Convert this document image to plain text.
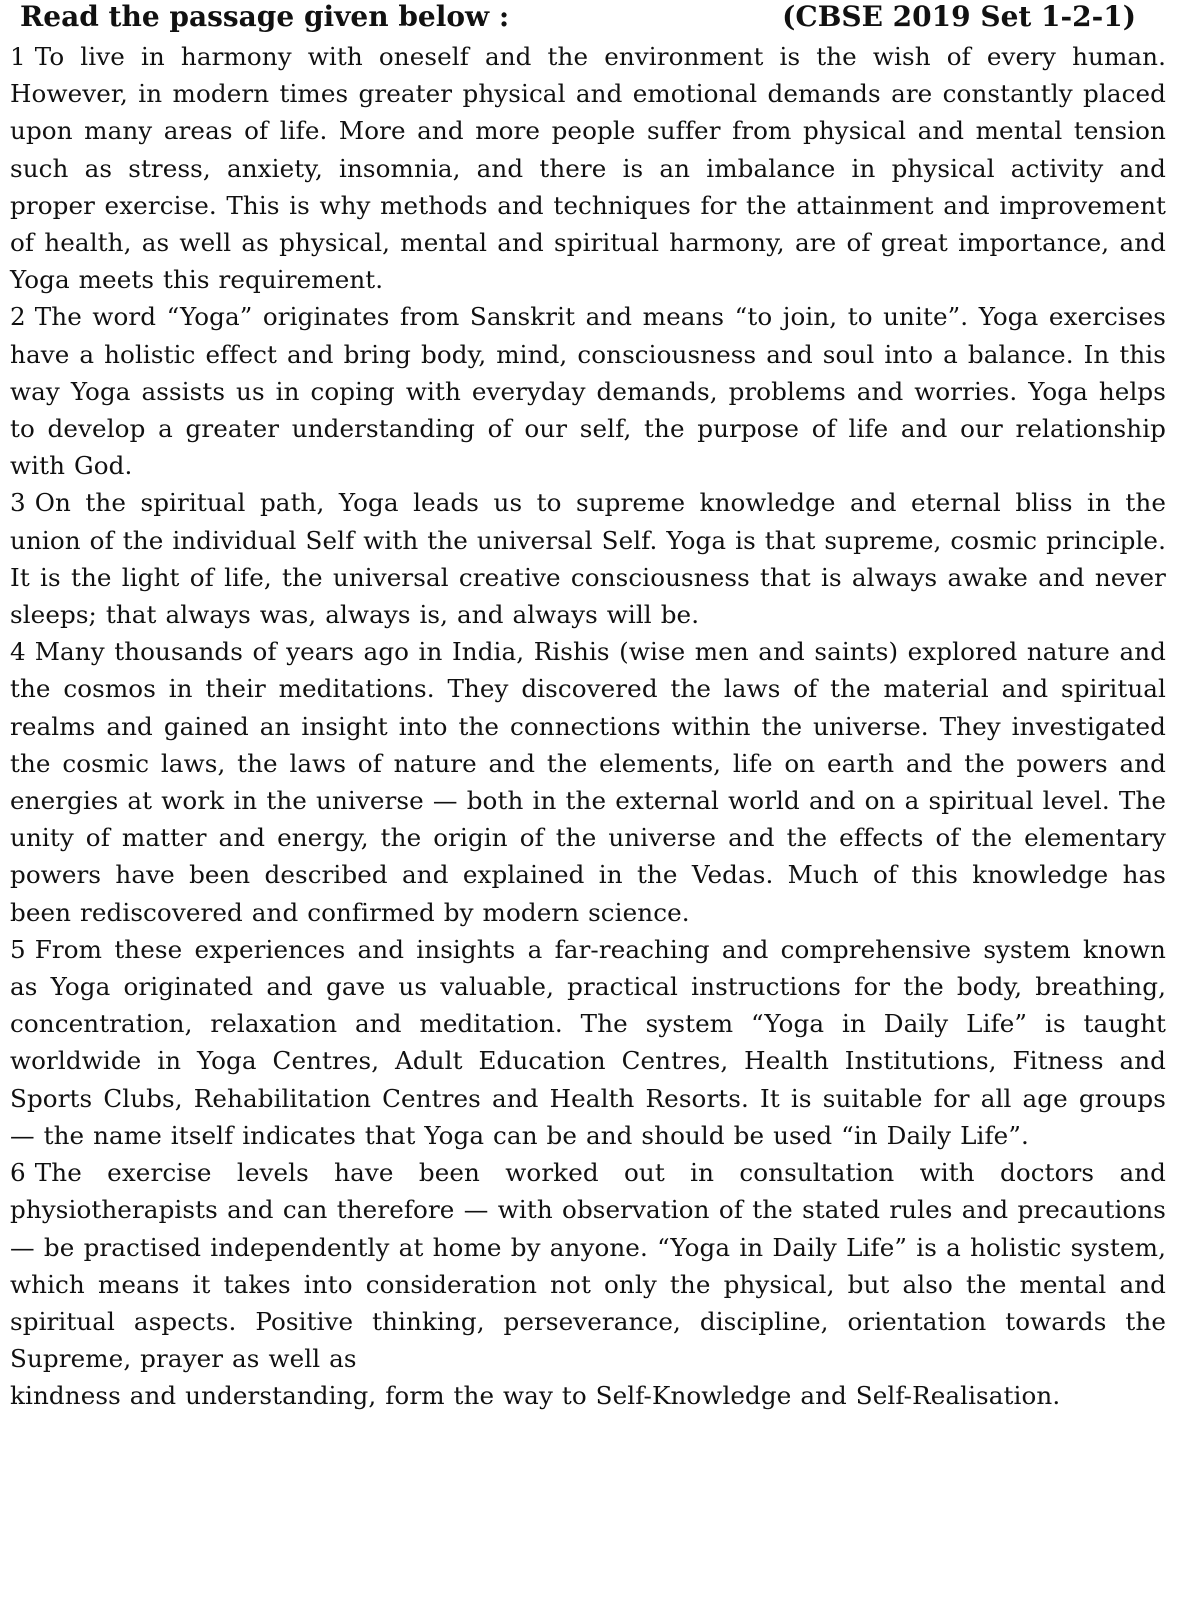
Read the passage given below :	(CBSE 2019 Set 1-2-1)

1 To live in harmony with oneself and the environment is the wish of every human. However, in modern times greater physical and emotional demands are constantly placed upon many areas of life. More and more people suffer from physical and mental tension such as stress, anxiety, insomnia, and there is an imbalance in physical activity and proper exercise. This is why methods and techniques for the attainment and improvement of health, as well as physical, mental and spiritual harmony, are of great importance, and Yoga meets this requirement.

2 The word “Yoga” originates from Sanskrit and means “to join, to unite”. Yoga exercises have a holistic effect and bring body, mind, consciousness and soul into a balance. In this way Yoga assists us in coping with everyday demands, problems and worries. Yoga helps to develop a greater understanding of our self, the purpose of life and our relationship with God.

3 On the spiritual path, Yoga leads us to supreme knowledge and eternal bliss in the union of the individual Self with the universal Self. Yoga is that supreme, cosmic principle. It is the light of life, the universal creative consciousness that is always awake and never sleeps; that always was, always is, and always will be.

4 Many thousands of years ago in India, Rishis (wise men and saints) explored nature and the cosmos in their meditations. They discovered the laws of the material and spiritual realms and gained an insight into the connections within the universe. They investigated the cosmic laws, the laws of nature and the elements, life on earth and the powers and energies at work in the universe — both in the external world and on a spiritual level. The unity of matter and energy, the origin of the universe and the effects of the elementary powers have been described and explained in the Vedas. Much of this knowledge has been rediscovered and confirmed by modern science.

5 From these experiences and insights a far-reaching and comprehensive system known as Yoga originated and gave us valuable, practical instructions for the body, breathing, concentration, relaxation and meditation. The system “Yoga in Daily Life” is taught worldwide in Yoga Centres, Adult Education Centres, Health Institutions, Fitness and Sports Clubs, Rehabilitation Centres and Health Resorts. It is suitable for all age groups — the name itself indicates that Yoga can be and should be used “in Daily Life”.

6 The exercise levels have been worked out in consultation with doctors and physiotherapists and can therefore — with observation of the stated rules and precautions — be practised independently at home by anyone. “Yoga in Daily Life” is a holistic system, which means it takes into consideration not only the physical, but also the mental and spiritual aspects. Positive thinking, perseverance, discipline, orientation towards the Supreme, prayer as well as

kindness and understanding, form the way to Self-Knowledge and Self-Realisation.
